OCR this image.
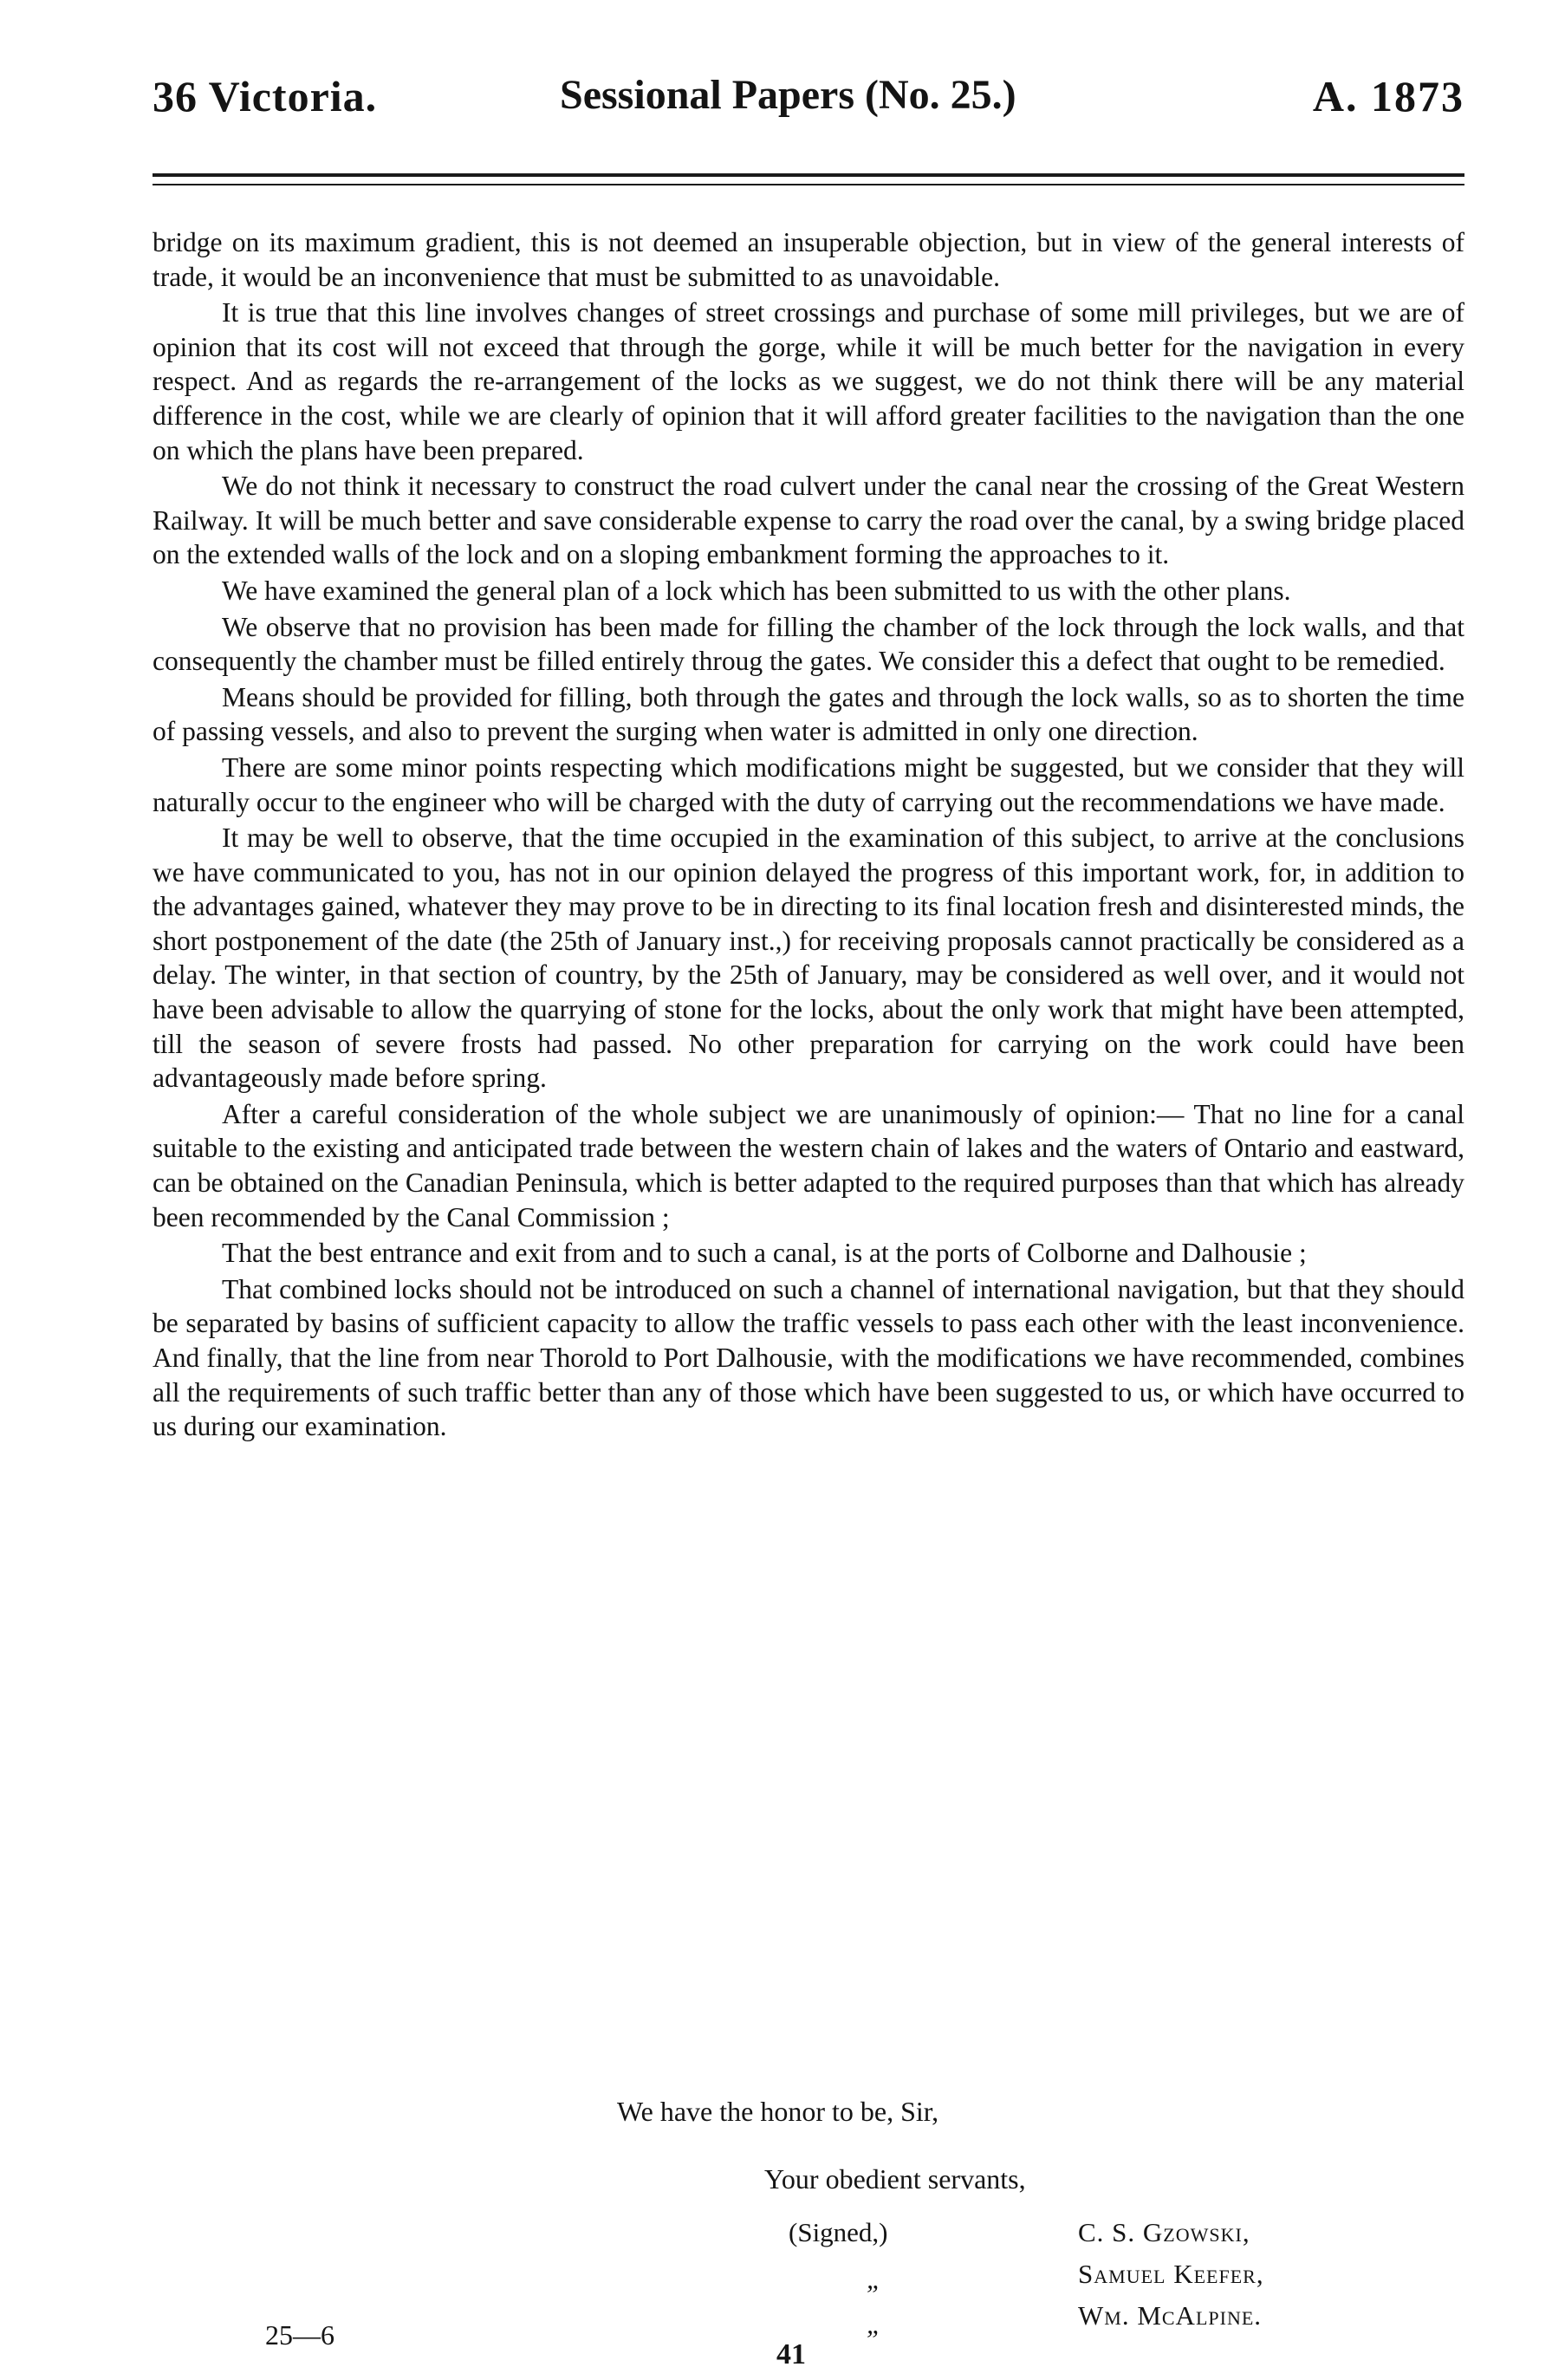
36 Victoria.	Sessional Papers (No. 25.)	A. 1873

bridge on its maximum gradient, this is not deemed an insuperable objection, but in view of the general interests of trade, it would be an inconvenience that must be submitted to as unavoidable.

It is true that this line involves changes of street crossings and purchase of some mill privileges, but we are of opinion that its cost will not exceed that through the gorge, while it will be much better for the navigation in every respect. And as regards the re-arrangement of the locks as we suggest, we do not think there will be any material difference in the cost, while we are clearly of opinion that it will afford greater facilities to the navigation than the one on which the plans have been prepared.

We do not think it necessary to construct the road culvert under the canal near the crossing of the Great Western Railway. It will be much better and save considerable expense to carry the road over the canal, by a swing bridge placed on the extended walls of the lock and on a sloping embankment forming the approaches to it.

We have examined the general plan of a lock which has been submitted to us with the other plans.

We observe that no provision has been made for filling the chamber of the lock through the lock walls, and that consequently the chamber must be filled entirely throug the gates. We consider this a defect that ought to be remedied.

Means should be provided for filling, both through the gates and through the lock walls, so as to shorten the time of passing vessels, and also to prevent the surging when water is admitted in only one direction.

There are some minor points respecting which modifications might be suggested, but we consider that they will naturally occur to the engineer who will be charged with the duty of carrying out the recommendations we have made.

It may be well to observe, that the time occupied in the examination of this subject, to arrive at the conclusions we have communicated to you, has not in our opinion delayed the progress of this important work, for, in addition to the advantages gained, whatever they may prove to be in directing to its final location fresh and disinterested minds, the short postponement of the date (the 25th of January inst.,) for receiving proposals cannot practically be considered as a delay. The winter, in that section of country, by the 25th of January, may be considered as well over, and it would not have been advisable to allow the quarrying of stone for the locks, about the only work that might have been attempted, till the season of severe frosts had passed. No other preparation for carrying on the work could have been advantageously made before spring.

After a careful consideration of the whole subject we are unanimously of opinion:— That no line for a canal suitable to the existing and anticipated trade between the western chain of lakes and the waters of Ontario and eastward, can be obtained on the Canadian Peninsula, which is better adapted to the required purposes than that which has already been recommended by the Canal Commission ;

That the best entrance and exit from and to such a canal, is at the ports of Colborne and Dalhousie ;

That combined locks should not be introduced on such a channel of international navigation, but that they should be separated by basins of sufficient capacity to allow the traffic vessels to pass each other with the least inconvenience. And finally, that the line from near Thorold to Port Dalhousie, with the modifications we have recommended, combines all the requirements of such traffic better than any of those which have been suggested to us, or which have occurred to us during our examination.

We have the honor to be, Sir,
Your obedient servants,
(Signed,)
„
„
C. S. Gzowski,
Samuel Keefer,
Wm. McAlpine.
25—6
41
